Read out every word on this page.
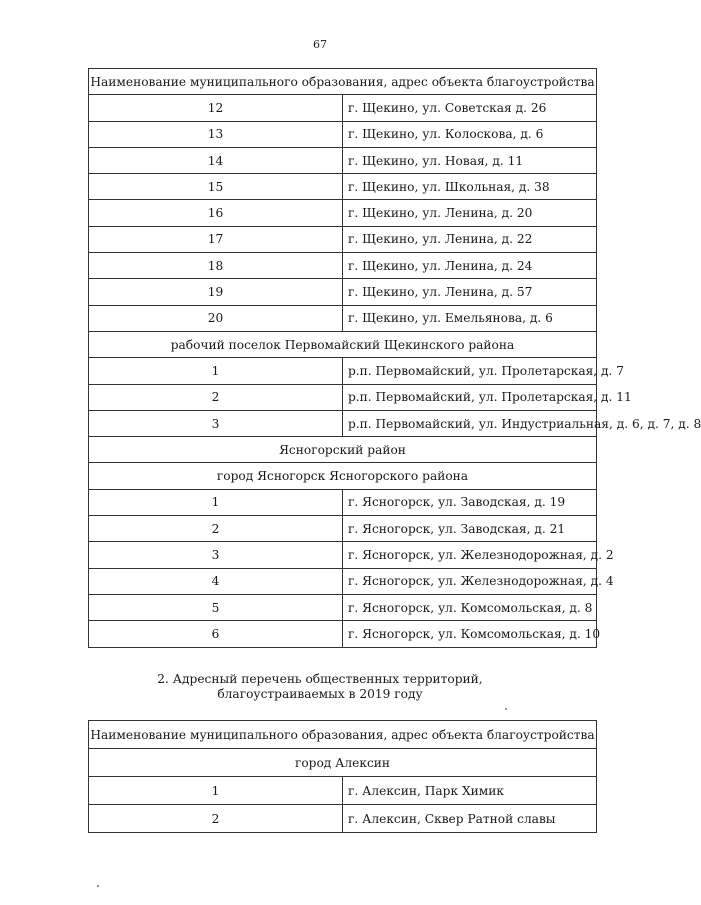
67
Наименование муниципального образования, адрес объекта благоустройства	
12	г. Щекино, ул. Советская д. 26
13	г. Щекино, ул. Колоскова, д. 6
14	г. Щекино, ул. Новая, д. 11
15	г. Щекино, ул. Школьная, д. 38
16	г. Щекино, ул. Ленина, д. 20
17	г. Щекино, ул. Ленина, д. 22
18	г. Щекино, ул. Ленина, д. 24
19	г. Щекино, ул. Ленина, д. 57
20	г. Щекино, ул. Емельянова, д. 6
рабочий поселок Первомайский Щекинского района	
1	р.п. Первомайский, ул. Пролетарская, д. 7
2	р.п. Первомайский, ул. Пролетарская, д. 11
3	р.п. Первомайский, ул. Индустриальная, д. 6, д. 7, д. 8
Ясногорский район	
город Ясногорск Ясногорского района	
1	г. Ясногорск, ул. Заводская, д. 19
2	г. Ясногорск, ул. Заводская, д. 21
3	г. Ясногорск, ул. Железнодорожная, д. 2
4	г. Ясногорск, ул. Железнодорожная, д. 4
5	г. Ясногорск, ул. Комсомольская, д. 8
6	г. Ясногорск, ул. Комсомольская, д. 10
2. Адресный перечень общественных территорий,
благоустраиваемых в 2019 году
Наименование муниципального образования, адрес объекта благоустройства	
город Алексин	
1	г. Алексин, Парк Химик
2	г. Алексин, Сквер Ратной славы
